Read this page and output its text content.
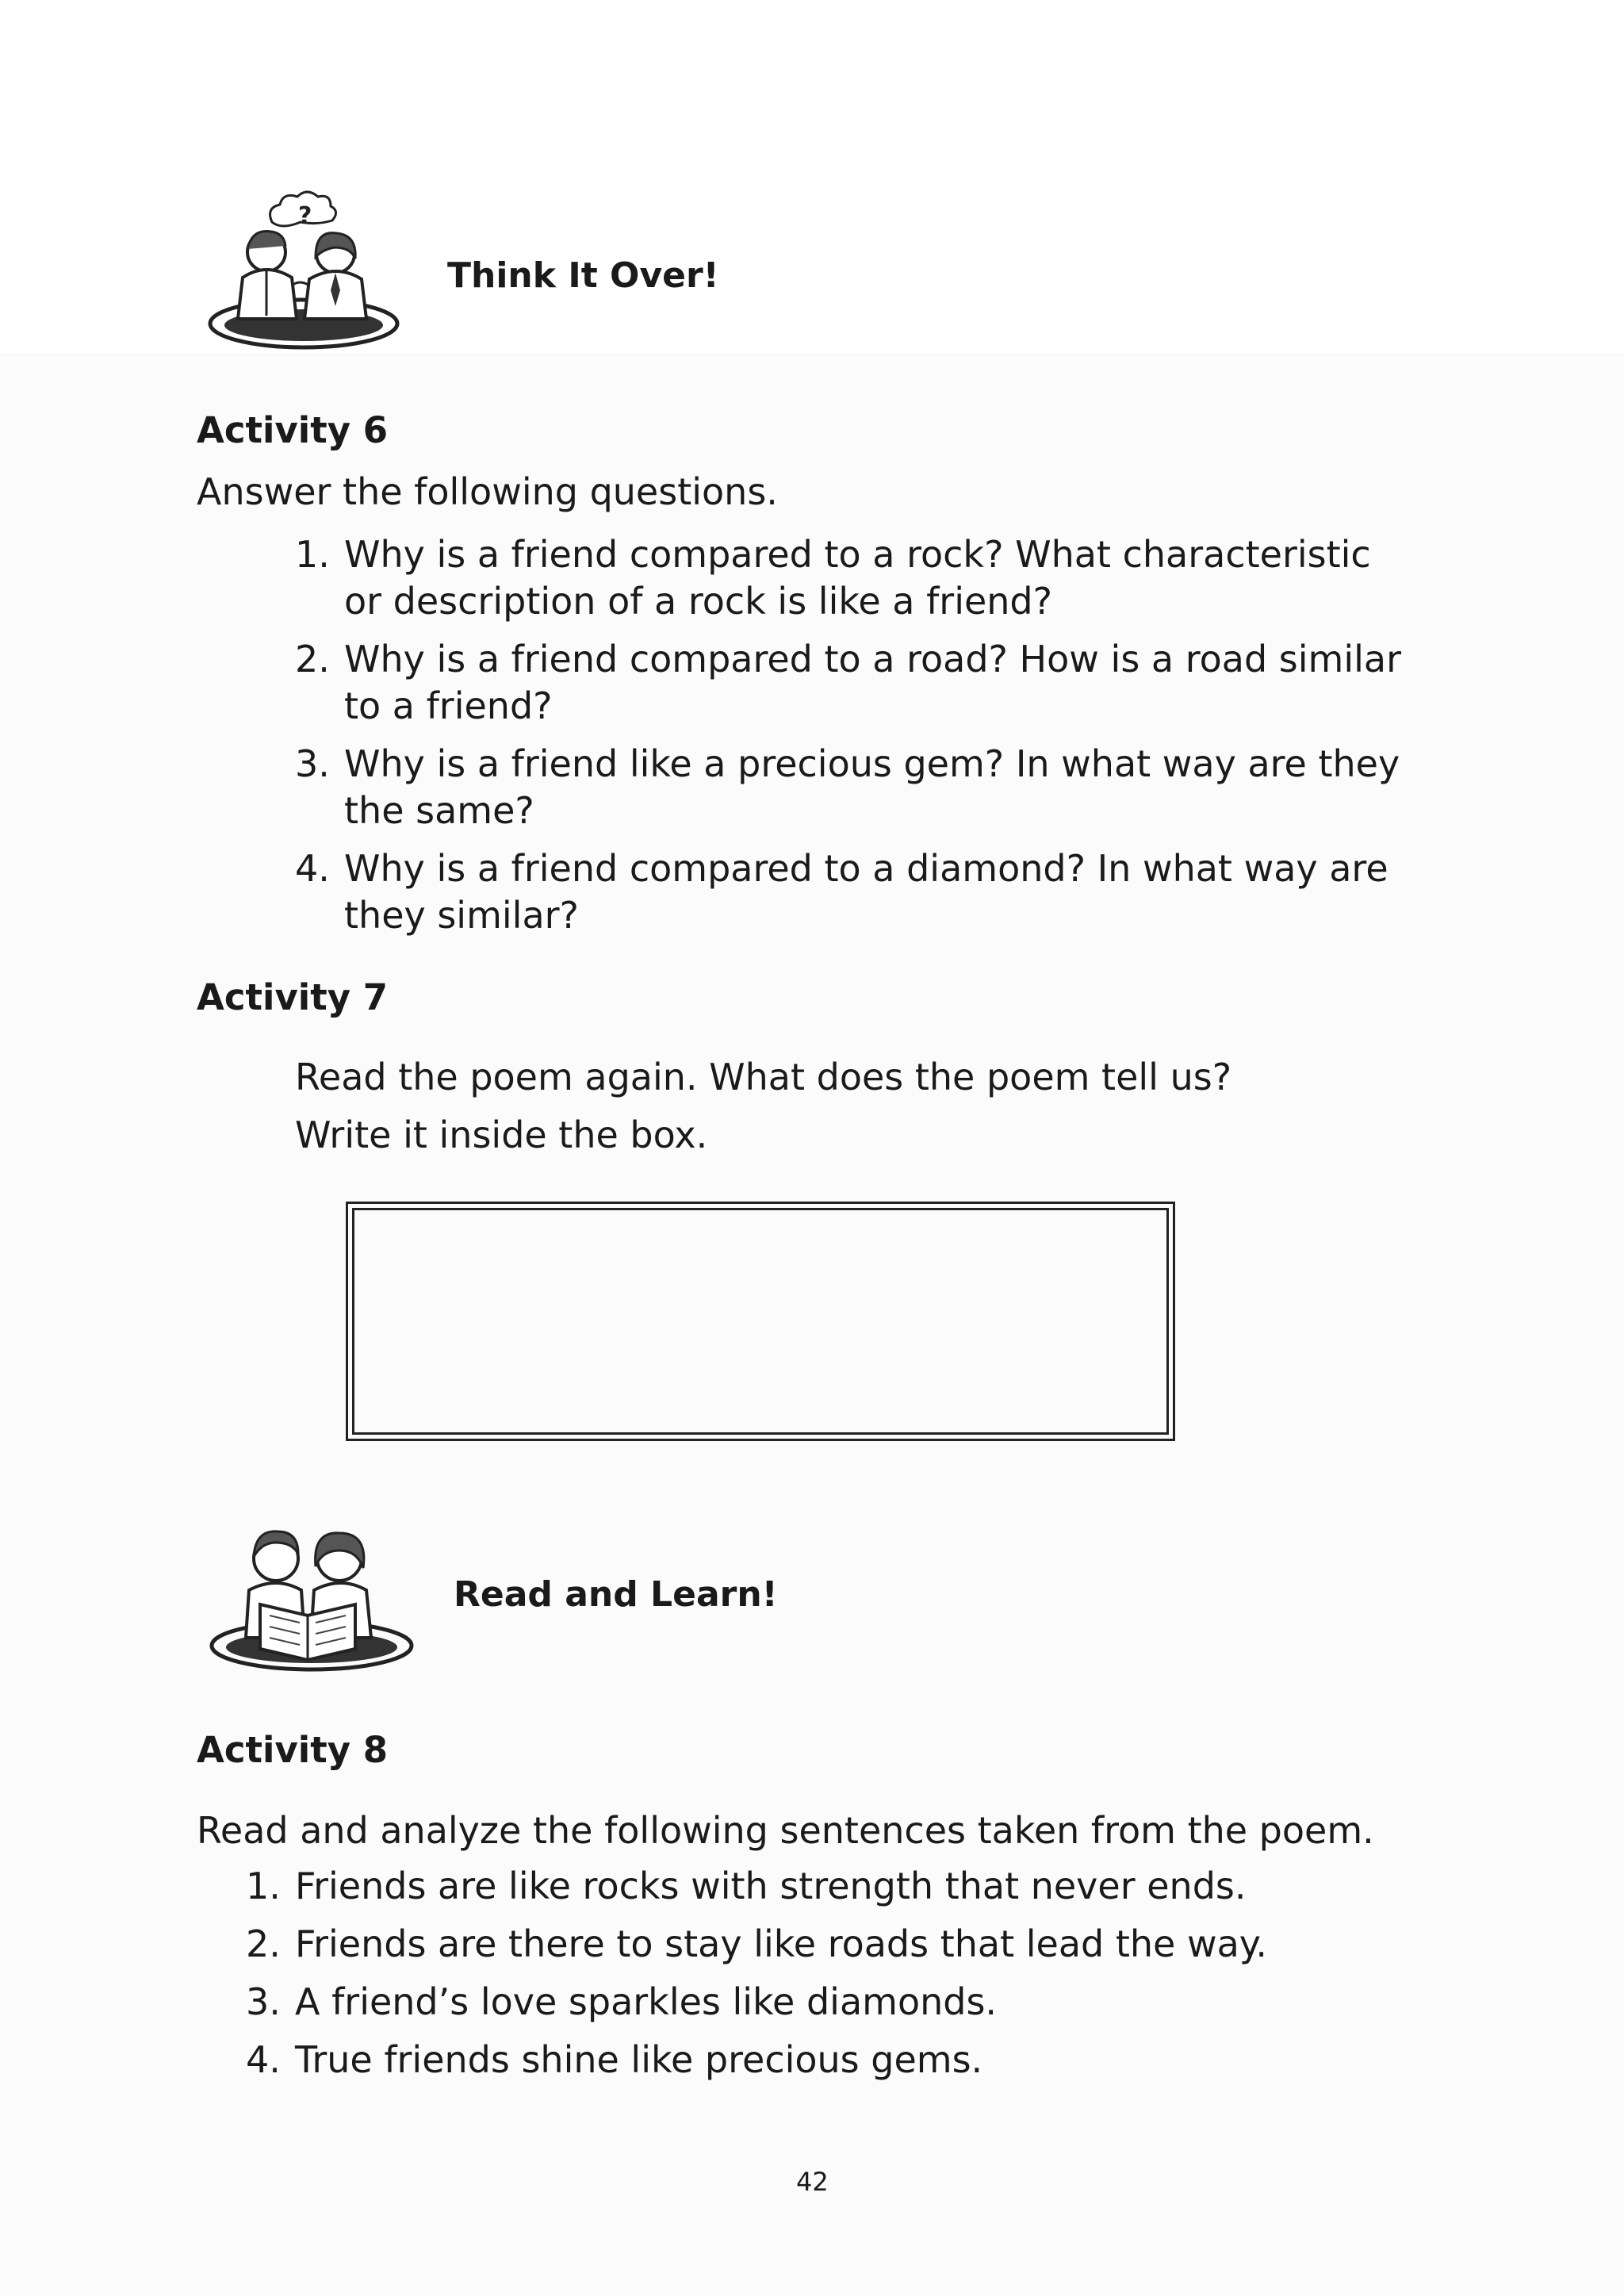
?
Think It Over!
Activity 6
Answer the following questions.
1. Why is a friend compared to a rock? What characteristic
or description of a rock is like a friend?
2. Why is a friend compared to a road? How is a road similar
to a friend?
3. Why is a friend like a precious gem? In what way are they
the same?
4. Why is a friend compared to a diamond? In what way are
they similar?
Activity 7
Read the poem again. What does the poem tell us?
Write it inside the box.
Read and Learn!
Activity 8
Read and analyze the following sentences taken from the poem.
1. Friends are like rocks with strength that never ends.
2. Friends are there to stay like roads that lead the way.
3. A friend’s love sparkles like diamonds.
4. True friends shine like precious gems.
42
